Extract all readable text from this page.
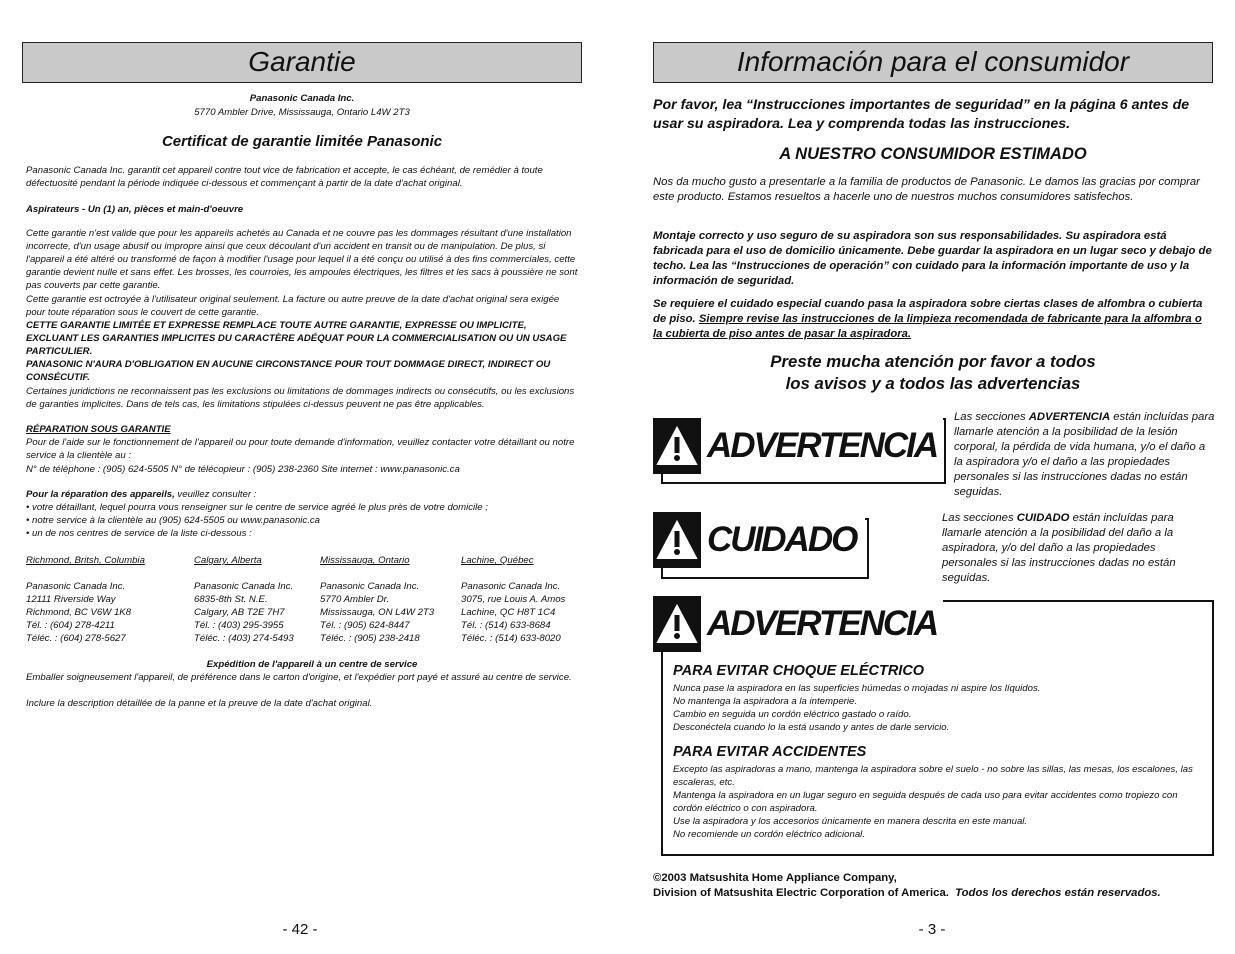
Garantie
Panasonic Canada Inc.
5770 Ambler Drive, Mississauga, Ontario L4W 2T3
Certificat de garantie limitée Panasonic
Panasonic Canada Inc. garantit cet appareil contre tout vice de fabrication et accepte, le cas échéant, de remédier à toute défectuosité pendant la période indiquée ci-dessous et commençant à partir de la date d'achat original.
Aspirateurs - Un (1) an, pièces et main-d'oeuvre
Cette garantie n'est valide que pour les appareils achetés au Canada et ne couvre pas les dommages résultant d'une installation incorrecte, d'un usage abusif ou impropre ainsi que ceux découlant d'un accident en transit ou de manipulation. De plus, si l'appareil a été altéré ou transformé de façon à modifier l'usage pour lequel il a été conçu ou utilisé à des fins commerciales, cette garantie devient nulle et sans effet. Les brosses, les courroies, les ampoules électriques, les filtres et les sacs à poussière ne sont pas couverts par cette garantie.
Cette garantie est octroyée à l'utilisateur original seulement. La facture ou autre preuve de la date d'achat original sera exigée pour toute réparation sous le couvert de cette garantie.
CETTE GARANTIE LIMITÉE ET EXPRESSE REMPLACE TOUTE AUTRE GARANTIE, EXPRESSE OU IMPLICITE, EXCLUANT LES GARANTIES IMPLICITES DU CARACTÈRE ADÉQUAT POUR LA COMMERCIALISATION OU UN USAGE PARTICULIER.
PANASONIC N'AURA D'OBLIGATION EN AUCUNE CIRCONSTANCE POUR TOUT DOMMAGE DIRECT, INDIRECT OU CONSÉCUTIF.
Certaines juridictions ne reconnaissent pas les exclusions ou limitations de dommages indirects ou consécutifs, ou les exclusions de garanties implicites. Dans de tels cas, les limitations stipulées ci-dessus peuvent ne pas être applicables.
RÉPARATION SOUS GARANTIE
Pour de l'aide sur le fonctionnement de l'appareil ou pour toute demande d'information, veuillez contacter votre détaillant ou notre service à la clientèle au :
N° de téléphone : (905) 624-5505 N° de télécopieur : (905) 238-2360 Site internet : www.panasonic.ca
Pour la réparation des appareils, veuillez consulter :
• votre détaillant, lequel pourra vous renseigner sur le centre de service agréé le plus près de votre domicile ;
• notre service à la clientèle au (905) 624-5505 ou www.panasonic.ca
• un de nos centres de service de la liste ci-dessous :
Richmond, Britsh, Columbia
Panasonic Canada Inc.
12111 Riverside Way
Richmond, BC V6W 1K8
Tél. : (604) 278-4211
Téléc. : (604) 278-5627
Calgary, Alberta
Panasonic Canada Inc.
6835-8th St. N.E.
Calgary, AB T2E 7H7
Tél. : (403) 295-3955
Téléc. : (403) 274-5493
Mississauga, Ontario
Panasonic Canada Inc.
5770 Ambler Dr.
Mississauga, ON L4W 2T3
Tél. : (905) 624-8447
Téléc. : (905) 238-2418
Lachine, Québec
Panasonic Canada Inc.
3075, rue Louis A. Amos
Lachine, QC H8T 1C4
Tél. : (514) 633-8684
Téléc. : (514) 633-8020
Expédition de l'appareil à un centre de service
Emballer soigneusement l'appareil, de préférence dans le carton d'origine, et l'expédier port payé et assuré au centre de service.
Inclure la description détaillée de la panne et la preuve de la date d'achat original.
- 42 -
Información para el consumidor
Por favor, lea “Instrucciones importantes de seguridad” en la página 6 antes de usar su aspiradora. Lea y comprenda todas las instrucciones.
A NUESTRO CONSUMIDOR ESTIMADO
Nos da mucho gusto a presentarle a la familia de productos de Panasonic. Le damos las gracias por comprar este producto. Estamos resueltos a hacerle uno de nuestros muchos consumidores satisfechos.
Montaje correcto y uso seguro de su aspiradora son sus responsabilidades. Su aspiradora está fabricada para el uso de domicilio únicamente. Debe guardar la aspiradora en un lugar seco y debajo de techo. Lea las “Instrucciones de operación” con cuidado para la información importante de uso y la información de seguridad.
Se requiere el cuidado especial cuando pasa la aspiradora sobre ciertas clases de alfombra o cubierta de piso. Siempre revise las instrucciones de la limpieza recomendada de fabricante para la alfombra o la cubierta de piso antes de pasar la aspiradora.
Preste mucha atención por favor a todos
los avisos y a todos las advertencias
ADVERTENCIA
Las secciones ADVERTENCIA están incluídas para llamarle atención a la posibilidad de la lesión corporal, la pérdida de vida humana, y/o el daño a la aspiradora y/o el daño a las propiedades personales si las instrucciones dadas no están seguidas.
CUIDADO
Las secciones CUIDADO están incluídas para llamarle atención a la posibilidad del daño a la aspiradora, y/o del daño a las propiedades personales si las instrucciones dadas no están seguidas.
ADVERTENCIA
PARA EVITAR CHOQUE ELÉCTRICO
Nunca pase la aspiradora en las superficies húmedas o mojadas ni aspire los líquidos.
No mantenga la aspiradora a la intemperie.
Cambio en seguida un cordón eléctrico gastado o raído.
Desconéctela cuando lo la está usando y antes de darle servicio.
PARA EVITAR ACCIDENTES
Excepto las aspiradoras a mano, mantenga la aspiradora sobre el suelo - no sobre las sillas, las mesas, los escalones, las escaleras, etc.
Mantenga la aspiradora en un lugar seguro en seguida después de cada uso para evitar accidentes como tropiezo con cordón eléctrico o con aspiradora.
Use la aspiradora y los accesorios únicamente en manera descrita en este manual.
No recomiende un cordón eléctrico adicional.
©2003 Matsushita Home Appliance Company,
Division of Matsushita Electric Corporation of America. Todos los derechos están reservados.
- 3 -
